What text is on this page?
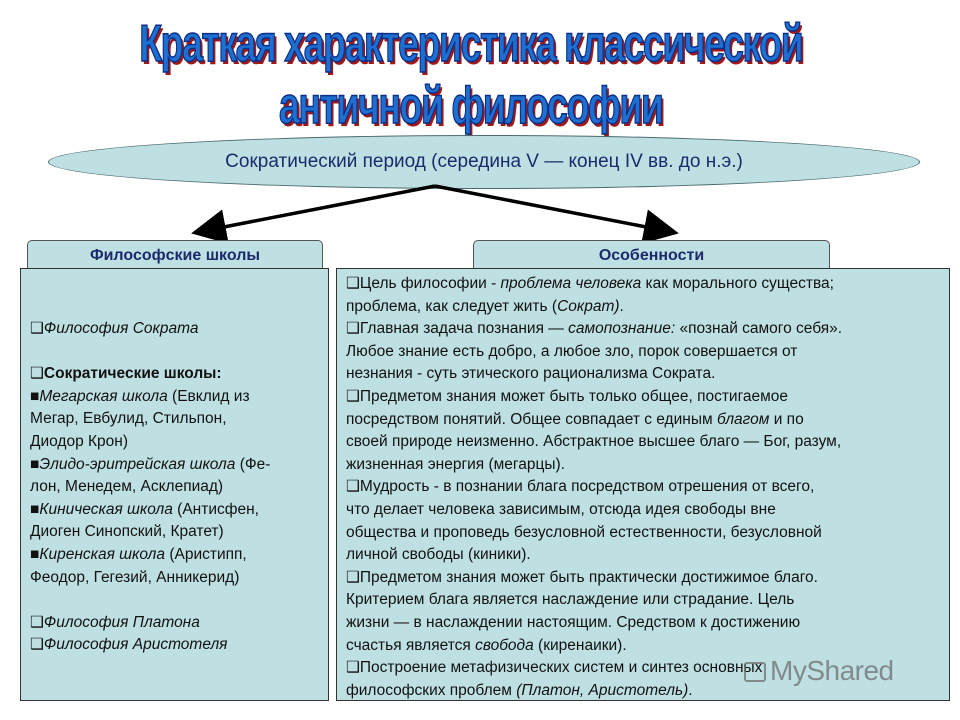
Краткая характеристика классической
античной философии
Сократический период (середина V — конец IV вв. до н.э.)
Философские школы	Особенности
❑Философия Сократа
❑Сократические школы:
■Мегарская школа (Евклид из
Мегар, Евбулид, Стильпон,
Диодор Крон)
■Элидо-эритрейская школа (Фе-
лон, Менедем, Асклепиад)
■Киническая школа (Антисфен,
Диоген Синопский, Кратет)
■Киренская школа (Аристипп,
Феодор, Гегезий, Анникерид)
❑Философия Платона
❑Философия Аристотеля
❑Цель философии - проблема человека как морального существа;
проблема, как следует жить (Сократ).
❑Главная задача познания — самопознание: «познай самого себя».
Любое знание есть добро, а любое зло, порок совершается от
незнания - суть этического рационализма Сократа.
❑Предметом знания может быть только общее, постигаемое
посредством понятий. Общее совпадает с единым благом и по
своей природе неизменно. Абстрактное высшее благо — Бог, разум,
жизненная энергия (мегарцы).
❑Мудрость - в познании блага посредством отрешения от всего,
что делает человека зависимым, отсюда идея свободы вне
общества и проповедь безусловной естественности, безусловной
личной свободы (киники).
❑Предметом знания может быть практически достижимое благо.
Критерием блага является наслаждение или страдание. Цель
жизни — в наслаждении настоящим. Средством к достижению
счастья является свобода (киренаики).
❑Построение метафизических систем и синтез основных
философских проблем (Платон, Аристотель).
MyShared
